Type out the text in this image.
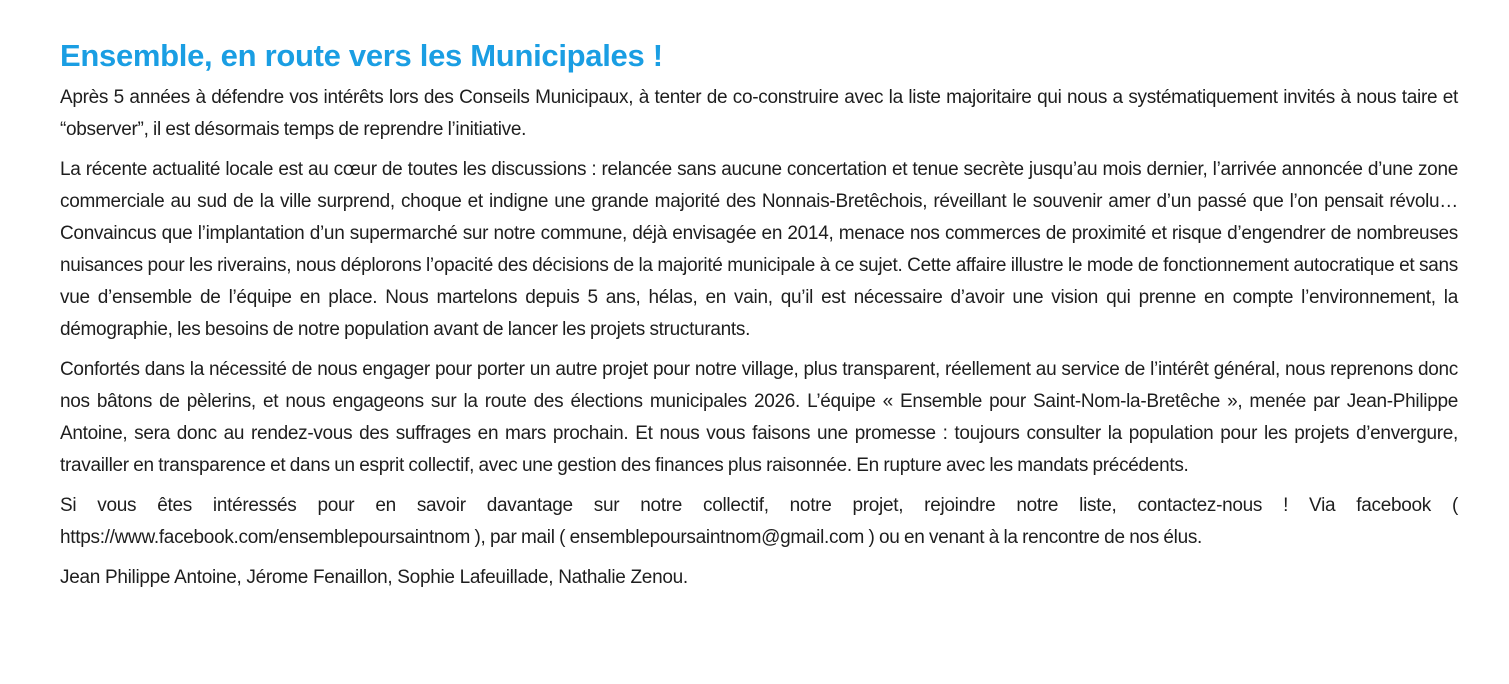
Ensemble, en route vers les Municipales !

Après 5 années à défendre vos intérêts lors des Conseils Municipaux, à tenter de co-construire avec la liste majoritaire qui nous a systématiquement invités à nous taire et “observer”, il est désormais temps de reprendre l’initiative.

La récente actualité locale est au cœur de toutes les discussions : relancée sans aucune concertation et tenue secrète jusqu’au mois dernier, l’arrivée annoncée d’une zone commerciale au sud de la ville surprend, choque et indigne une grande majorité des Nonnais-Bretêchois, réveillant le souvenir amer d’un passé que l’on pensait révolu… Convaincus que l’implantation d’un supermarché sur notre commune, déjà envisagée en 2014, menace nos commerces de proximité et risque d’engendrer de nombreuses nuisances pour les riverains, nous déplorons l’opacité des décisions de la majorité municipale à ce sujet. Cette affaire illustre le mode de fonctionnement autocratique et sans vue d’ensemble de l’équipe en place. Nous martelons depuis 5 ans, hélas, en vain, qu’il est nécessaire d’avoir une vision qui prenne en compte l’environnement, la démographie, les besoins de notre population avant de lancer les projets structurants.

Confortés dans la nécessité de nous engager pour porter un autre projet pour notre village, plus transparent, réellement au service de l’intérêt général, nous reprenons donc nos bâtons de pèlerins, et nous engageons sur la route des élections municipales 2026. L’équipe « Ensemble pour Saint-Nom-la-Bretêche », menée par Jean-Philippe Antoine, sera donc au rendez-vous des suffrages en mars prochain. Et nous vous faisons une promesse : toujours consulter la population pour les projets d’envergure, travailler en transparence et dans un esprit collectif, avec une gestion des finances plus raisonnée. En rupture avec les mandats précédents.

Si vous êtes intéressés pour en savoir davantage sur notre collectif, notre projet, rejoindre notre liste, contactez-nous ! Via facebook ( https://www.facebook.com/ensemblepoursaintnom ), par mail ( ensemblepoursaintnom@gmail.com ) ou en venant à la rencontre de nos élus.

Jean Philippe Antoine, Jérome Fenaillon, Sophie Lafeuillade, Nathalie Zenou.
